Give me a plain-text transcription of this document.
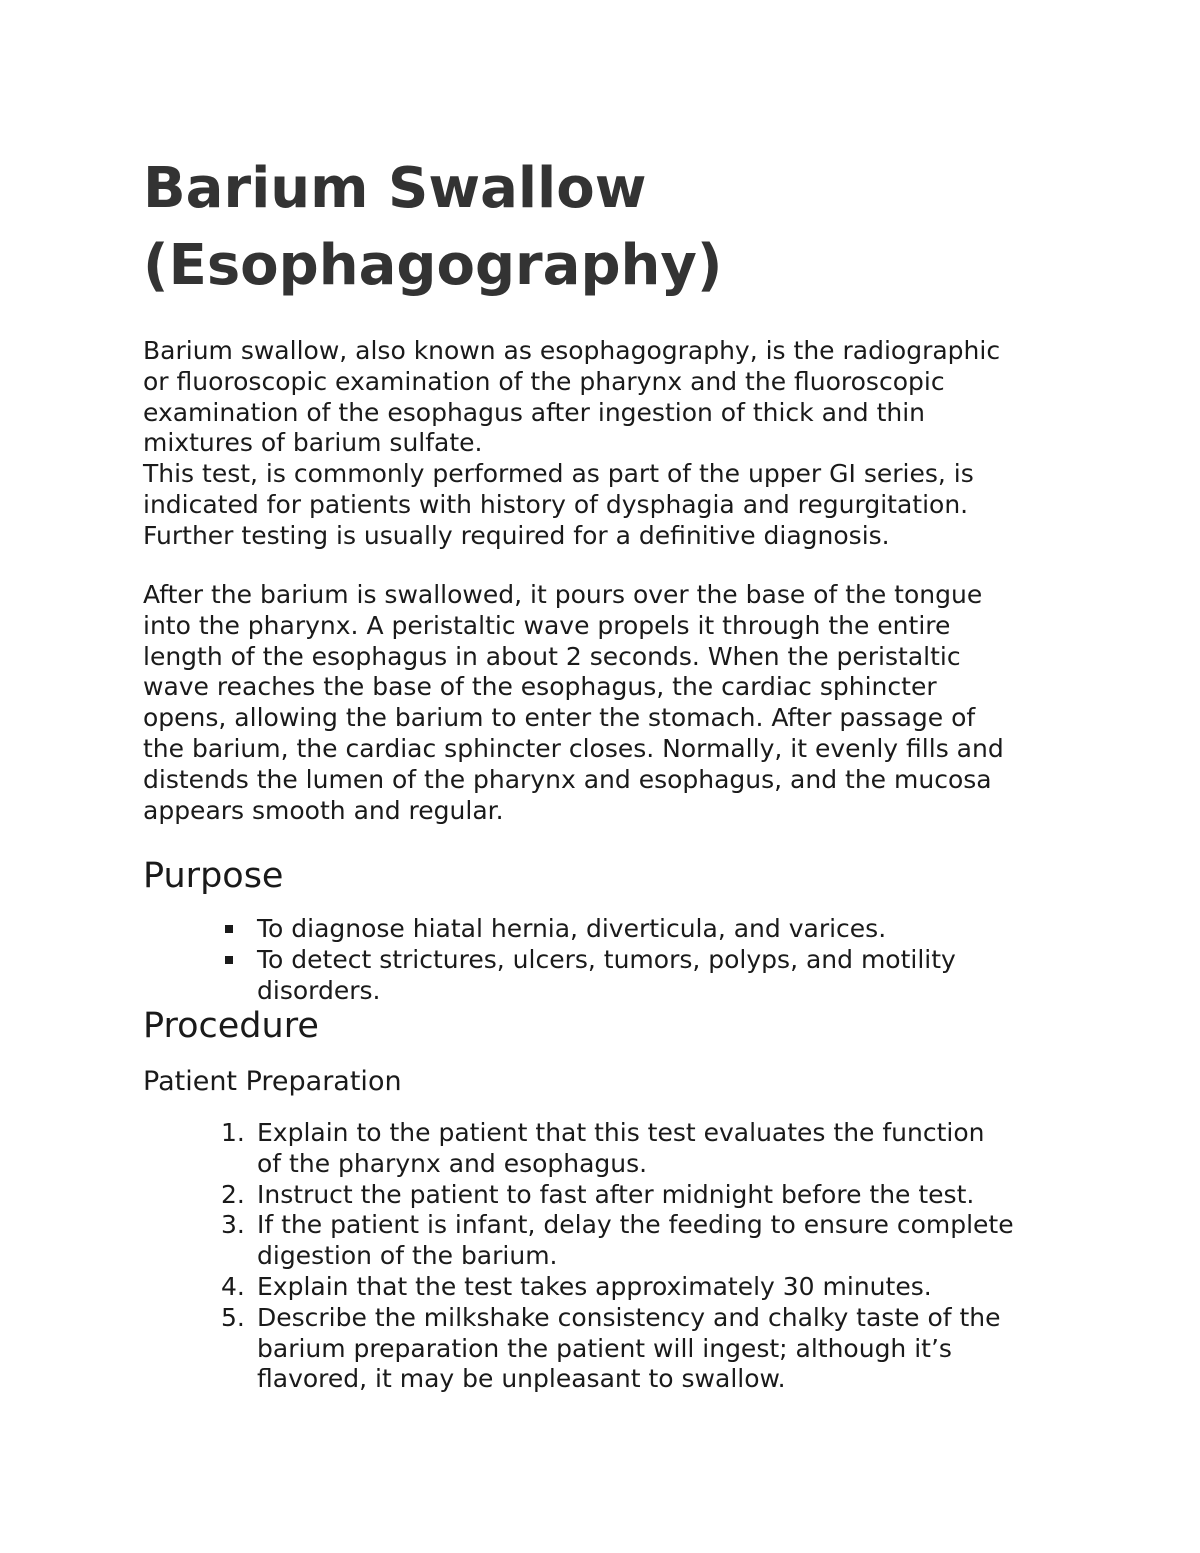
Barium Swallow
(Esophagography)

Barium swallow, also known as esophagography, is the radiographic
or fluoroscopic examination of the pharynx and the fluoroscopic
examination of the esophagus after ingestion of thick and thin
mixtures of barium sulfate.
This test, is commonly performed as part of the upper GI series, is
indicated for patients with history of dysphagia and regurgitation.
Further testing is usually required for a definitive diagnosis.

After the barium is swallowed, it pours over the base of the tongue
into the pharynx. A peristaltic wave propels it through the entire
length of the esophagus in about 2 seconds. When the peristaltic
wave reaches the base of the esophagus, the cardiac sphincter
opens, allowing the barium to enter the stomach. After passage of
the barium, the cardiac sphincter closes. Normally, it evenly fills and
distends the lumen of the pharynx and esophagus, and the mucosa
appears smooth and regular.

Purpose
To diagnose hiatal hernia, diverticula, and varices.
To detect strictures, ulcers, tumors, polyps, and motility
disorders.
Procedure
Patient Preparation
1. Explain to the patient that this test evaluates the function
of the pharynx and esophagus.
2. Instruct the patient to fast after midnight before the test.
3. If the patient is infant, delay the feeding to ensure complete
digestion of the barium.
4. Explain that the test takes approximately 30 minutes.
5. Describe the milkshake consistency and chalky taste of the
barium preparation the patient will ingest; although it’s
flavored, it may be unpleasant to swallow.
